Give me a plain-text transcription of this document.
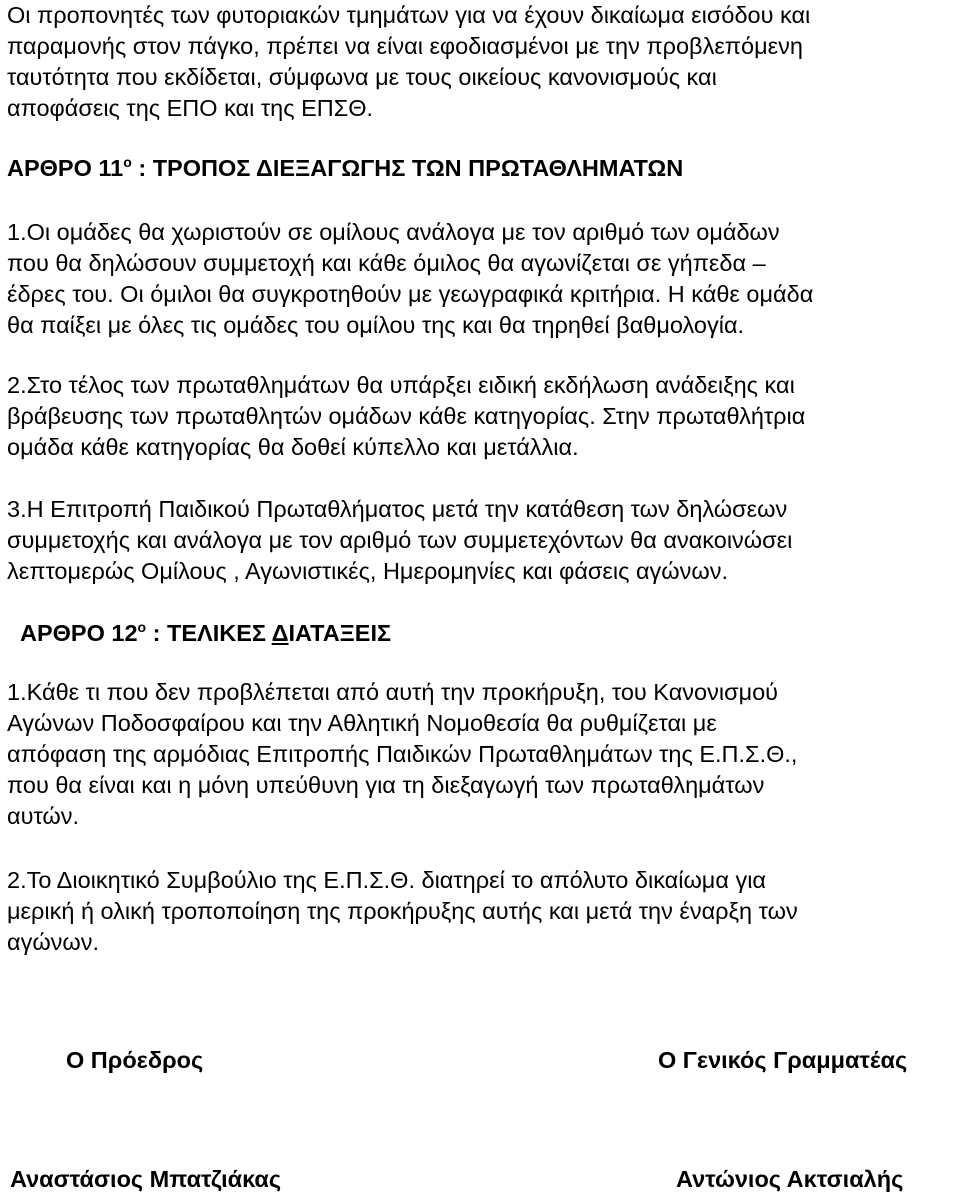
Οι προπονητές των φυτοριακών τμημάτων για να έχουν δικαίωμα εισόδου και
παραμονής στον πάγκο, πρέπει να είναι εφοδιασμένοι με την προβλεπόμενη
ταυτότητα που εκδίδεται, σύμφωνα με τους οικείους κανονισμούς και
αποφάσεις της ΕΠΟ και της ΕΠΣΘ.
ΑΡΘΡΟ $11^o$ : ΤΡΟΠΟΣ ΔΙΕΞΑΓΩΓΗΣ ΤΩΝ ΠΡΩΤΑΘΛΗΜΑΤΩΝ
1.Οι ομάδες θα χωριστούν σε ομίλους ανάλογα με τον αριθμό των ομάδων
που θα δηλώσουν συμμετοχή και κάθε όμιλος θα αγωνίζεται σε γήπεδα –
έδρες του. Οι όμιλοι θα συγκροτηθούν με γεωγραφικά κριτήρια. Η κάθε ομάδα
θα παίξει με όλες τις ομάδες του ομίλου της και θα τηρηθεί βαθμολογία.
2.Στο τέλος των πρωταθλημάτων θα υπάρξει ειδική εκδήλωση ανάδειξης και
βράβευσης των πρωταθλητών ομάδων κάθε κατηγορίας. Στην πρωταθλήτρια
ομάδα κάθε κατηγορίας θα δοθεί κύπελλο και μετάλλια.
3.Η Επιτροπή Παιδικού Πρωταθλήματος μετά την κατάθεση των δηλώσεων
συμμετοχής και ανάλογα με τον αριθμό των συμμετεχόντων θα ανακοινώσει
λεπτομερώς Ομίλους , Αγωνιστικές, Ημερομηνίες και φάσεις αγώνων.
ΑΡΘΡΟ $12^o$ : ΤΕΛΙΚΕΣ ΔΙΑΤΑΞΕΙΣ
1.Κάθε τι που δεν προβλέπεται από αυτή την προκήρυξη, του Κανονισμού
Αγώνων Ποδοσφαίρου και την Αθλητική Νομοθεσία θα ρυθμίζεται με
απόφαση της αρμόδιας Επιτροπής Παιδικών Πρωταθλημάτων της Ε.Π.Σ.Θ.,
που θα είναι και η μόνη υπεύθυνη για τη διεξαγωγή των πρωταθλημάτων
αυτών.
2.Το Διοικητικό Συμβούλιο της Ε.Π.Σ.Θ. διατηρεί το απόλυτο δικαίωμα για
μερική ή ολική τροποποίηση της προκήρυξης αυτής και μετά την έναρξη των
αγώνων.
Ο Πρόεδρος	Ο Γενικός Γραμματέας
Αναστάσιος Μπατζιάκας	Αντώνιος Ακτσιαλής
